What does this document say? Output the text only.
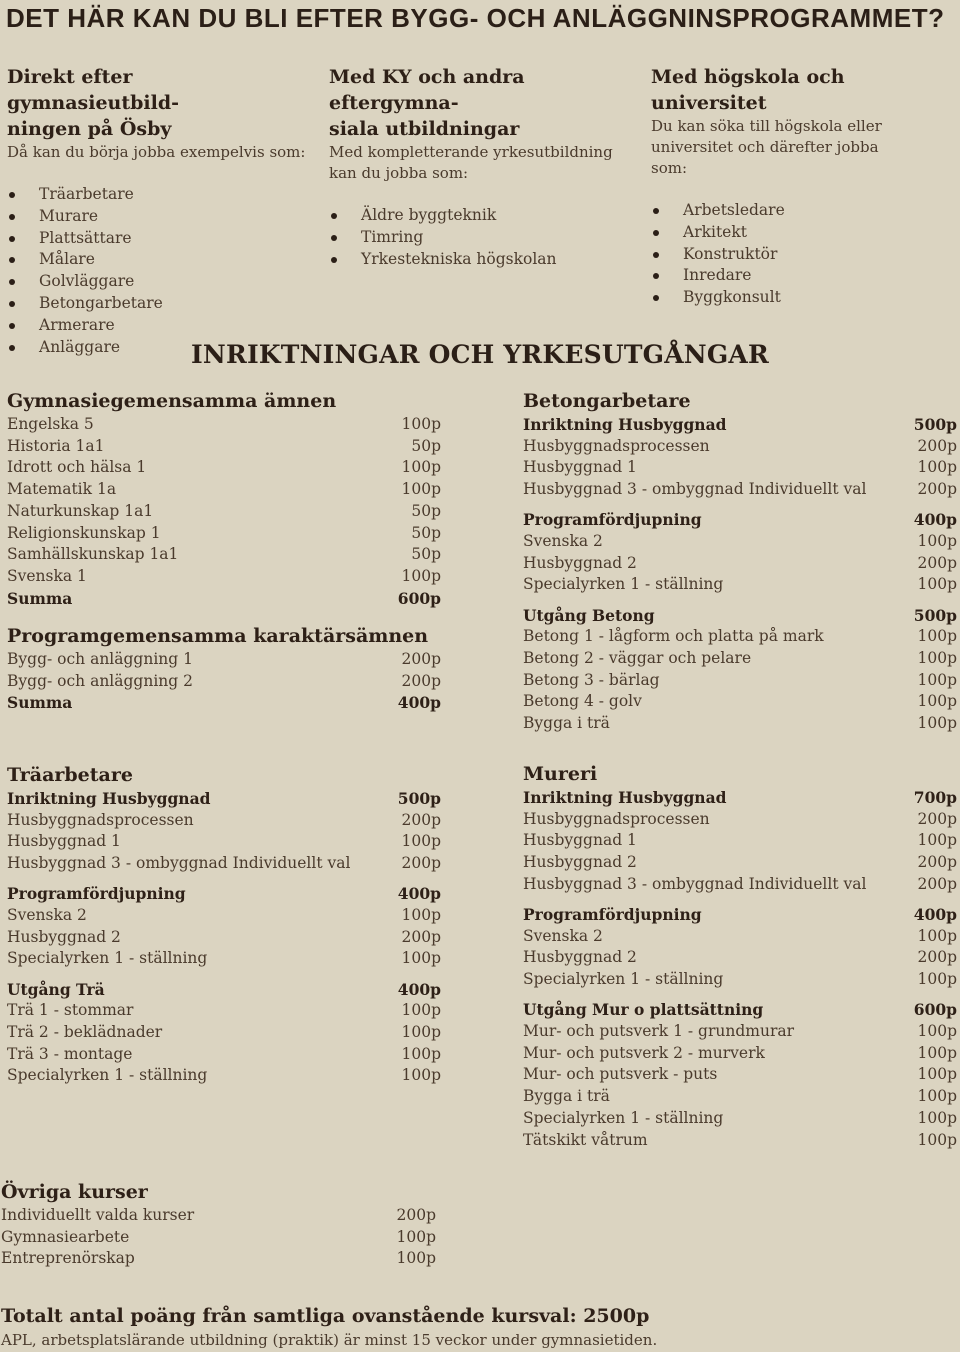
DET HÄR KAN DU BLI EFTER BYGG- OCH ANLÄGGNINSPROGRAMMET?
Direkt efter gymnasieutbild-
ningen på Ösby
Då kan du börja jobba exempelvis som:
Träarbetare
Murare
Plattsättare
Målare
Golvläggare
Betongarbetare
Armerare
Anläggare
Med KY och andra eftergymna-
siala utbildningar
Med kompletterande yrkesutbildning
kan du jobba som:
Äldre byggteknik
Timring
Yrkestekniska högskolan
Med högskola och universitet
Du kan söka till högskola eller
universitet och därefter jobba
som:
Arbetsledare
Arkitekt
Konstruktör
Inredare
Byggkonsult
INRIKTNINGAR OCH YRKESUTGÅNGAR
Gymnasiegemensamma ämnen
Engelska 5	100p
Historia 1a1	50p
Idrott och hälsa 1	100p
Matematik 1a	100p
Naturkunskap 1a1	50p
Religionskunskap 1	50p
Samhällskunskap 1a1	50p
Svenska 1	100p
Summa	600p
Programgemensamma karaktärsämnen
Bygg- och anläggning 1	200p
Bygg- och anläggning 2	200p
Summa	400p
Betongarbetare
Inriktning Husbyggnad	500p
Husbyggnadsprocessen	200p
Husbyggnad 1	100p
Husbyggnad 3 - ombyggnad Individuellt val	200p
Programfördjupning	400p
Svenska 2	100p
Husbyggnad 2	200p
Specialyrken 1 - ställning	100p
Utgång Betong	500p
Betong 1 - lågform och platta på mark	100p
Betong 2 - väggar och pelare	100p
Betong 3 - bärlag	100p
Betong 4 - golv	100p
Bygga i trä	100p
Träarbetare
Inriktning Husbyggnad	500p
Husbyggnadsprocessen	200p
Husbyggnad 1	100p
Husbyggnad 3 - ombyggnad Individuellt val	200p
Programfördjupning	400p
Svenska 2	100p
Husbyggnad 2	200p
Specialyrken 1 - ställning	100p
Utgång Trä	400p
Trä 1 - stommar	100p
Trä 2 - beklädnader	100p
Trä 3 - montage	100p
Specialyrken 1 - ställning	100p
Mureri
Inriktning Husbyggnad	700p
Husbyggnadsprocessen	200p
Husbyggnad 1	100p
Husbyggnad 2	200p
Husbyggnad 3 - ombyggnad Individuellt val	200p
Programfördjupning	400p
Svenska 2	100p
Husbyggnad 2	200p
Specialyrken 1 - ställning	100p
Utgång Mur o plattsättning	600p
Mur- och putsverk 1 - grundmurar	100p
Mur- och putsverk 2 - murverk	100p
Mur- och putsverk - puts	100p
Bygga i trä	100p
Specialyrken 1 - ställning	100p
Tätskikt våtrum	100p
Övriga kurser
Individuellt valda kurser	200p
Gymnasiearbete	100p
Entreprenörskap	100p
Totalt antal poäng från samtliga ovanstående kursval: 2500p
APL, arbetsplatslärande utbildning (praktik) är minst 15 veckor under gymnasietiden.
